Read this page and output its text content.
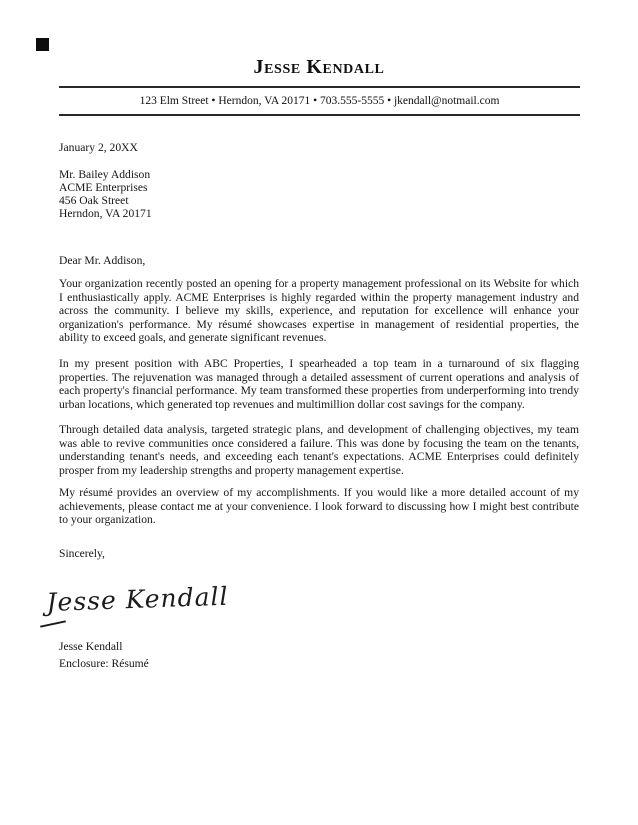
Jesse Kendall
123 Elm Street • Herndon, VA 20171 • 703.555-5555 • jkendall@notmail.com
January 2, 20XX
Mr. Bailey Addison
ACME Enterprises
456 Oak Street
Herndon, VA 20171
Dear Mr. Addison,
Your organization recently posted an opening for a property management professional on its Website for which I enthusiastically apply. ACME Enterprises is highly regarded within the property management industry and across the community. I believe my skills, experience, and reputation for excellence will enhance your organization's performance. My résumé showcases expertise in management of residential properties, the ability to exceed goals, and generate significant revenues.
In my present position with ABC Properties, I spearheaded a top team in a turnaround of six flagging properties. The rejuvenation was managed through a detailed assessment of current operations and analysis of each property's financial performance. My team transformed these properties from underperforming into trendy urban locations, which generated top revenues and multimillion dollar cost savings for the company.
Through detailed data analysis, targeted strategic plans, and development of challenging objectives, my team was able to revive communities once considered a failure. This was done by focusing the team on the tenants, understanding tenant's needs, and exceeding each tenant's expectations. ACME Enterprises could definitely prosper from my leadership strengths and property management expertise.
My résumé provides an overview of my accomplishments. If you would like a more detailed account of my achievements, please contact me at your convenience. I look forward to discussing how I might best contribute to your organization.
Sincerely,
Jesse Kendall
Jesse Kendall
Enclosure: Résumé
